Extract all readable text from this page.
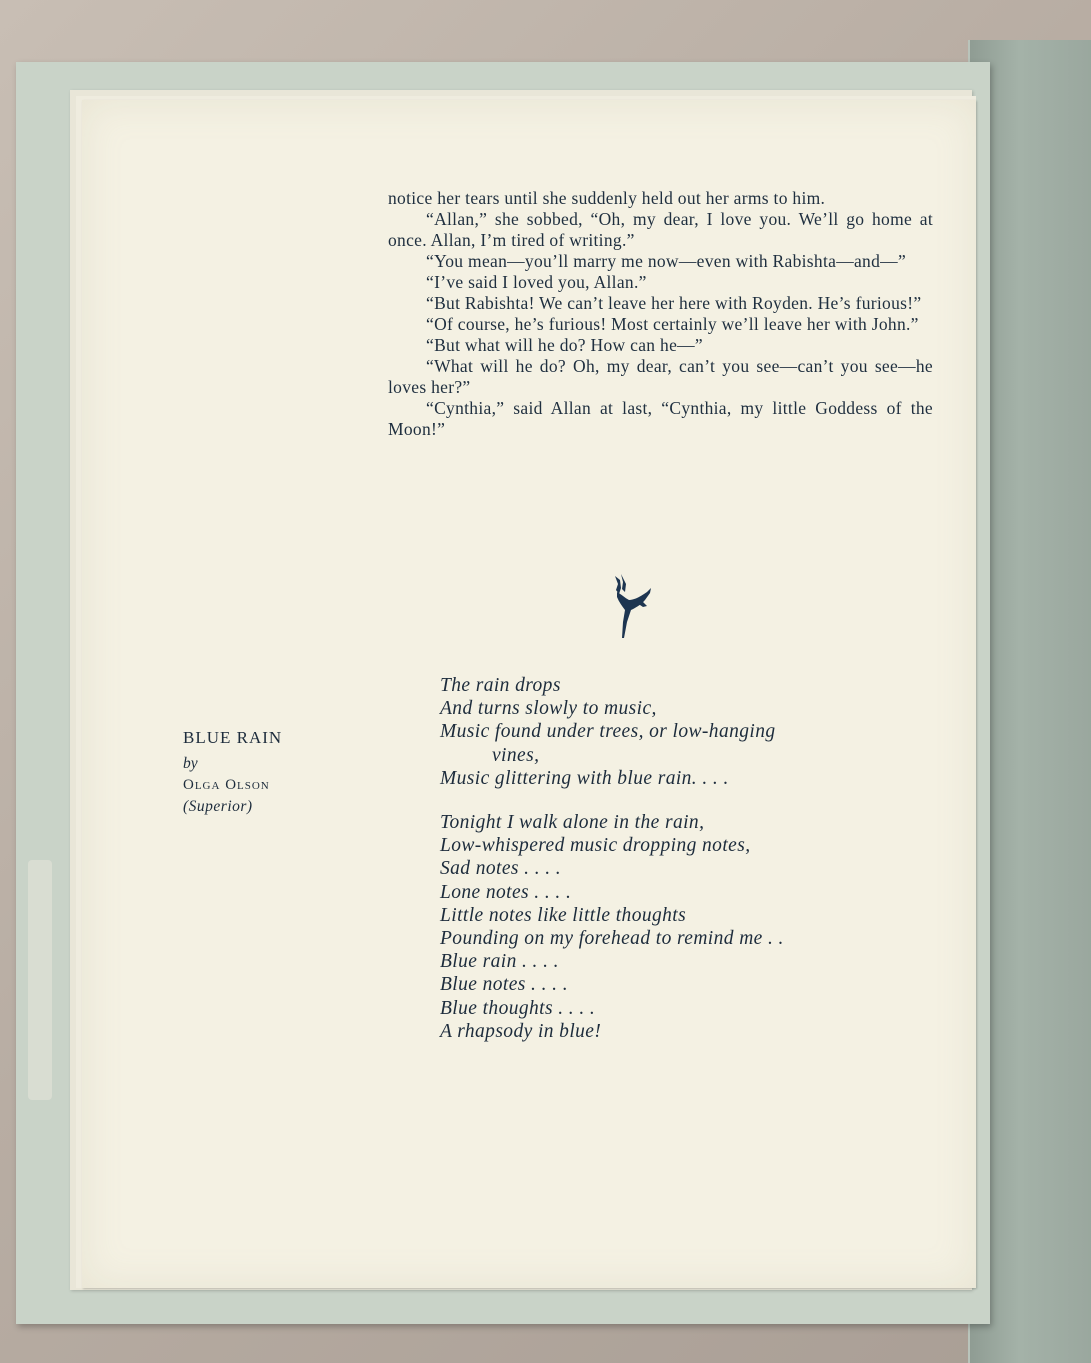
notice her tears until she suddenly held out her arms to him.

“Allan,” she sobbed, “Oh, my dear, I love you. We’ll go home at once. Allan, I’m tired of writing.”

“You mean—you’ll marry me now—even with Rabishta—and—”

“I’ve said I loved you, Allan.”

“But Rabishta! We can’t leave her here with Royden. He’s furious!”

“Of course, he’s furious! Most certainly we’ll leave her with John.”

“But what will he do? How can he—”

“What will he do? Oh, my dear, can’t you see—can’t you see—he loves her?”

“Cynthia,” said Allan at last, “Cynthia, my little Goddess of the Moon!”

BLUE RAIN
by
Olga Olson
(Superior)
The rain drops
And turns slowly to music,
Music found under trees, or low-hanging
vines,
Music glittering with blue rain. . . .
Tonight I walk alone in the rain,
Low-whispered music dropping notes,
Sad notes . . . .
Lone notes . . . .
Little notes like little thoughts
Pounding on my forehead to remind me . .
Blue rain . . . .
Blue notes . . . .
Blue thoughts . . . .
A rhapsody in blue!
